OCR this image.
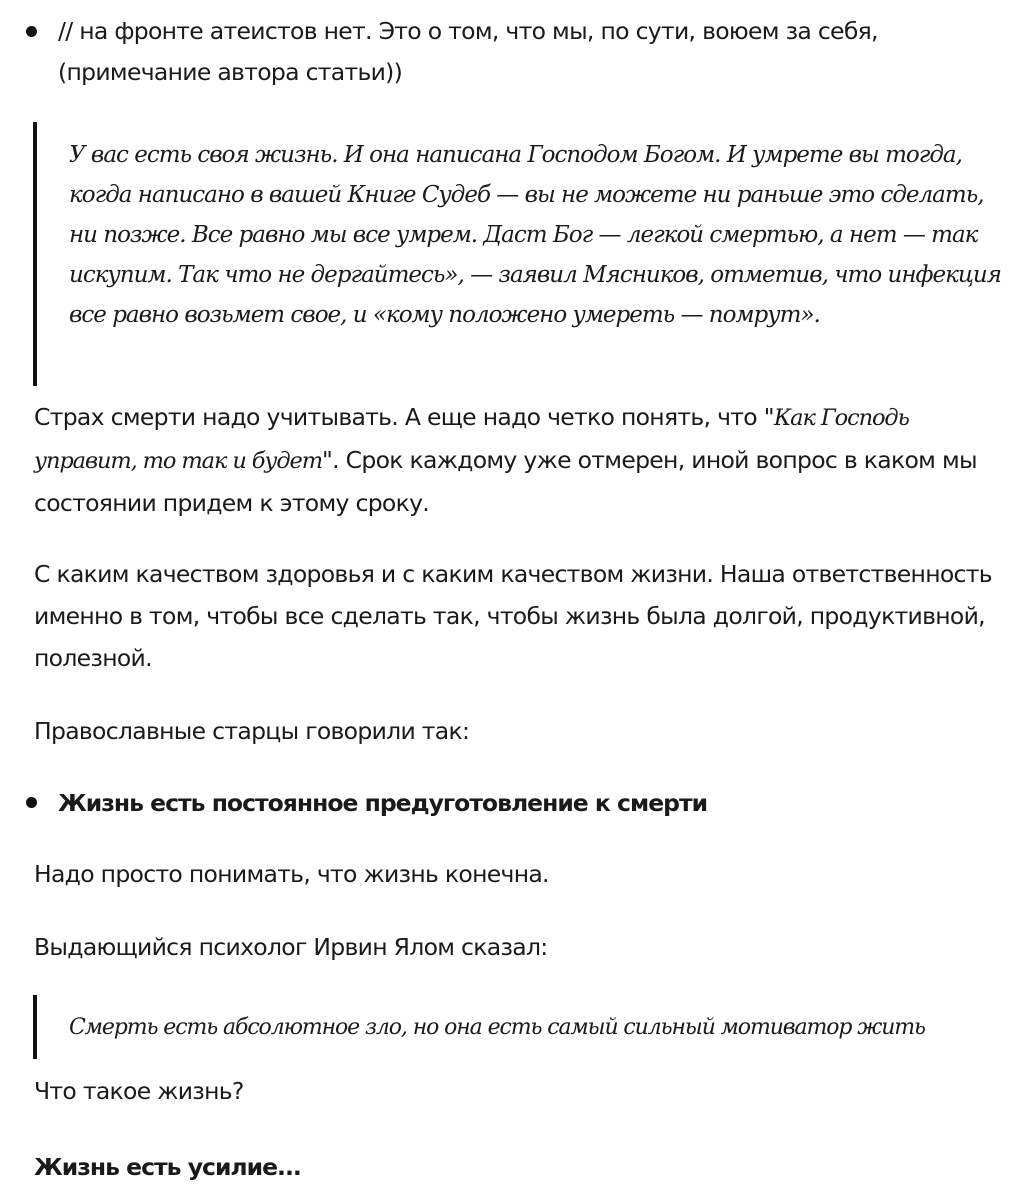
// на фронте атеистов нет. Это о том, что мы, по сути, воюем за себя, (примечание автора статьи))

У вас есть своя жизнь. И она написана Господом Богом. И умрете вы тогда, когда написано в вашей Книге Судеб — вы не можете ни раньше это сделать, ни позже. Все равно мы все умрем. Даст Бог — легкой смертью, а нет — так искупим. Так что не дергайтесь», — заявил Мясников, отметив, что инфекция все равно возьмет свое, и «кому положено умереть — помрут».

Страх смерти надо учитывать. А еще надо четко понять, что "Как Господь управит, то так и будет". Срок каждому уже отмерен, иной вопрос в каком мы состоянии придем к этому сроку.

С каким качеством здоровья и с каким качеством жизни. Наша ответственность именно в том, чтобы все сделать так, чтобы жизнь была долгой, продуктивной, полезной.

Православные старцы говорили так:

Жизнь есть постоянное предуготовление к смерти

Надо просто понимать, что жизнь конечна.

Выдающийся психолог Ирвин Ялом сказал:

Смерть есть абсолютное зло, но она есть самый сильный мотиватор жить

Что такое жизнь?

Жизнь есть усилие...
